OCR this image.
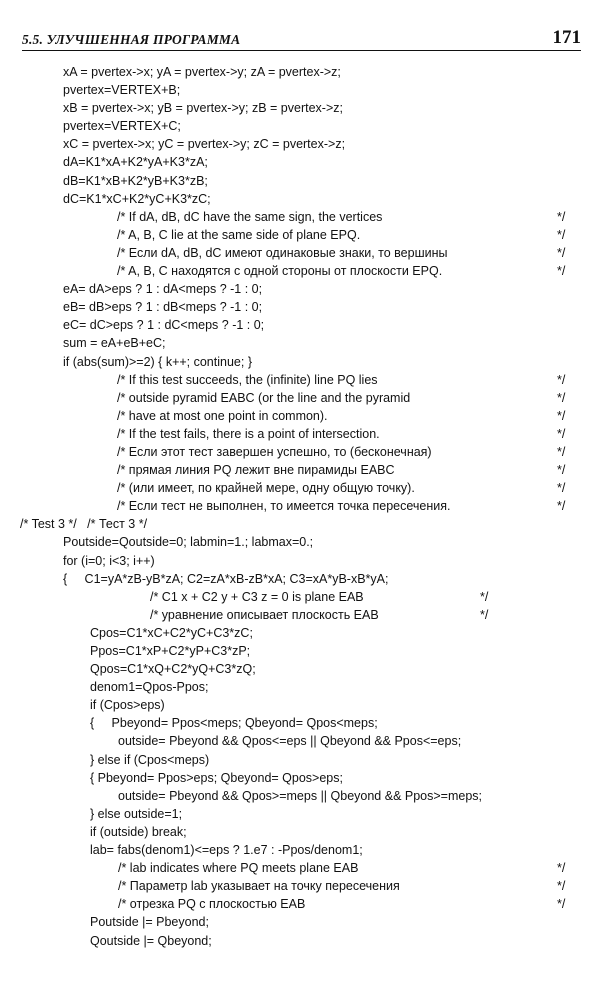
5.5. УЛУЧШЕННАЯ ПРОГРАММА	171
xA = pvertex->x; yA = pvertex->y; zA = pvertex->z;
pvertex=VERTEX+B;
xB = pvertex->x; yB = pvertex->y; zB = pvertex->z;
pvertex=VERTEX+C;
xC = pvertex->x; yC = pvertex->y; zC = pvertex->z;
dA=K1*xA+K2*yA+K3*zA;
dB=K1*xB+K2*yB+K3*zB;
dC=K1*xC+K2*yC+K3*zC;
/* If dA, dB, dC have the same sign, the vertices	*/
/* A, B, C lie at the same side of plane EPQ.	*/
/* Если dA, dB, dC имеют одинаковые знаки, то вершины	*/
/* A, B, C находятся с одной стороны от плоскости EPQ.	*/
eA= dA>eps ? 1 : dA<meps ? -1 : 0;
eB= dB>eps ? 1 : dB<meps ? -1 : 0;
eC= dC>eps ? 1 : dC<meps ? -1 : 0;
sum = eA+eB+eC;
if (abs(sum)>=2) { k++; continue; }
/* If this test succeeds, the (infinite) line PQ lies	*/
/* outside pyramid EABC (or the line and the pyramid	*/
/* have at most one point in common).	*/
/* If the test fails, there is a point of intersection.	*/
/* Если этот тест завершен успешно, то (бесконечная)	*/
/* прямая линия PQ лежит вне пирамиды EABC	*/
/* (или имеет, по крайней мере, одну общую точку).	*/
/* Если тест не выполнен, то имеется точка пересечения.	*/
/* Test 3 */   /* Тест 3 */
Poutside=Qoutside=0; labmin=1.; labmax=0.;
for (i=0; i<3; i++)
{     C1=yA*zB-yB*zA; C2=zA*xB-zB*xA; C3=xA*yB-xB*yA;
/* C1 x + C2 y + C3 z = 0 is plane EAB	*/
/* уравнение описывает плоскость EAB	*/
Cpos=C1*xC+C2*yC+C3*zC;
Ppos=C1*xP+C2*yP+C3*zP;
Qpos=C1*xQ+C2*yQ+C3*zQ;
denom1=Qpos-Ppos;
if (Cpos>eps)
{     Pbeyond= Ppos<meps; Qbeyond= Qpos<meps;
outside= Pbeyond && Qpos<=eps || Qbeyond && Ppos<=eps;
} else if (Cpos<meps)
{ Pbeyond= Ppos>eps; Qbeyond= Qpos>eps;
outside= Pbeyond && Qpos>=meps || Qbeyond && Ppos>=meps;
} else outside=1;
if (outside) break;
lab= fabs(denom1)<=eps ? 1.e7 : -Ppos/denom1;
/* lab indicates where PQ meets plane EAB	*/
/* Параметр lab указывает на точку пересечения	*/
/* отрезка PQ с плоскостью EAB	*/
Poutside |= Pbeyond;
Qoutside |= Qbeyond;
